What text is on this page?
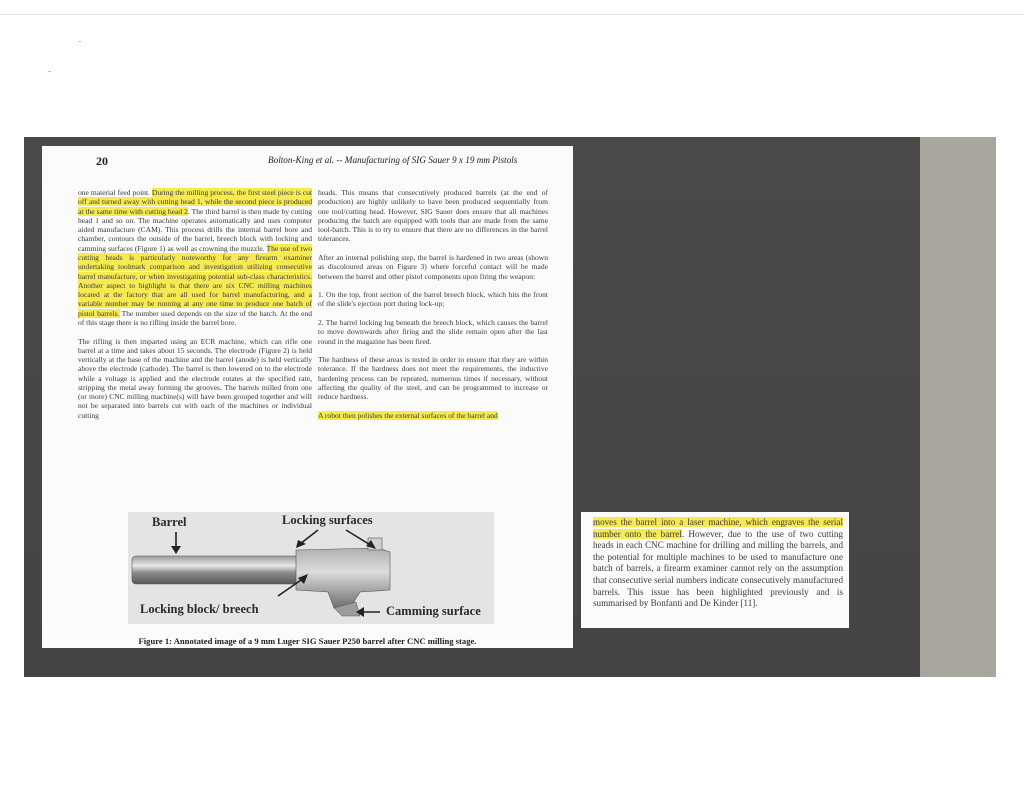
-
-
20	Bolton-King et al. -- Manufacturing of SIG Sauer 9 x 19 mm Pistols

one material feed point. During the milling process, the first steel piece is cut off and turned away with cutting head 1, while the second piece is produced at the same time with cutting head 2. The third barrel is then made by cutting head 1 and so on. The machine operates automatically and uses computer aided manufacture (CAM). This process drills the internal barrel bore and chamber, contours the outside of the barrel, breech block with locking and camming surfaces (Figure 1) as well as crowning the muzzle. The use of two cutting heads is particularly noteworthy for any firearm examiner undertaking toolmark comparison and investigation utilizing consecutive barrel manufacture, or when investigating potential sub-class characteristics. Another aspect to highlight is that there are six CNC milling machines located at the factory that are all used for barrel manufacturing, and a variable number may be running at any one time to produce one batch of pistol barrels. The number used depends on the size of the batch. At the end of this stage there is no rifling inside the barrel bore.

The rifling is then imparted using an ECR machine, which can rifle one barrel at a time and takes about 15 seconds. The electrode (Figure 2) is held vertically at the base of the machine and the barrel (anode) is held vertically above the electrode (cathode). The barrel is then lowered on to the electrode while a voltage is applied and the electrode rotates at the specified rate, stripping the metal away forming the grooves. The barrels milled from one (or more) CNC milling machine(s) will have been grouped together and will not be separated into barrels cut with each of the machines or individual cutting

heads. This means that consecutively produced barrels (at the end of production) are highly unlikely to have been produced sequentially from one tool/cutting head. However, SIG Sauer does ensure that all machines producing the batch are equipped with tools that are made from the same tool-batch. This is to try to ensure that there are no differences in the barrel tolerances.

After an internal polishing step, the barrel is hardened in two areas (shown as discoloured areas on Figure 3) where forceful contact will be made between the barrel and other pistol components upon firing the weapon:

1. On the top, front section of the barrel breech block, which hits the front of the slide's ejection port during lock-up;

2. The barrel locking lug beneath the breech block, which causes the barrel to move downwards after firing and the slide remain open after the last round in the magazine has been fired.

The hardness of these areas is tested in order to ensure that they are within tolerance. If the hardness does not meet the requirements, the inductive hardening process can be repeated, numerous times if necessary, without affecting the quality of the steel, and can be programmed to increase or reduce hardness.

A robot then polishes the external surfaces of the barrel and

Barrel	Locking surfaces
Locking block/ breech	Camming surface
Figure 1: Annotated image of a 9 mm Luger SIG Sauer P250 barrel after CNC milling stage.
moves the barrel into a laser machine, which engraves the serial number onto the barrel. However, due to the use of two cutting heads in each CNC machine for drilling and milling the barrels, and the potential for multiple machines to be used to manufacture one batch of barrels, a firearm examiner cannot rely on the assumption that consecutive serial numbers indicate consecutively manufactured barrels. This issue has been highlighted previously and is summarised by Bonfanti and De Kinder [11].
